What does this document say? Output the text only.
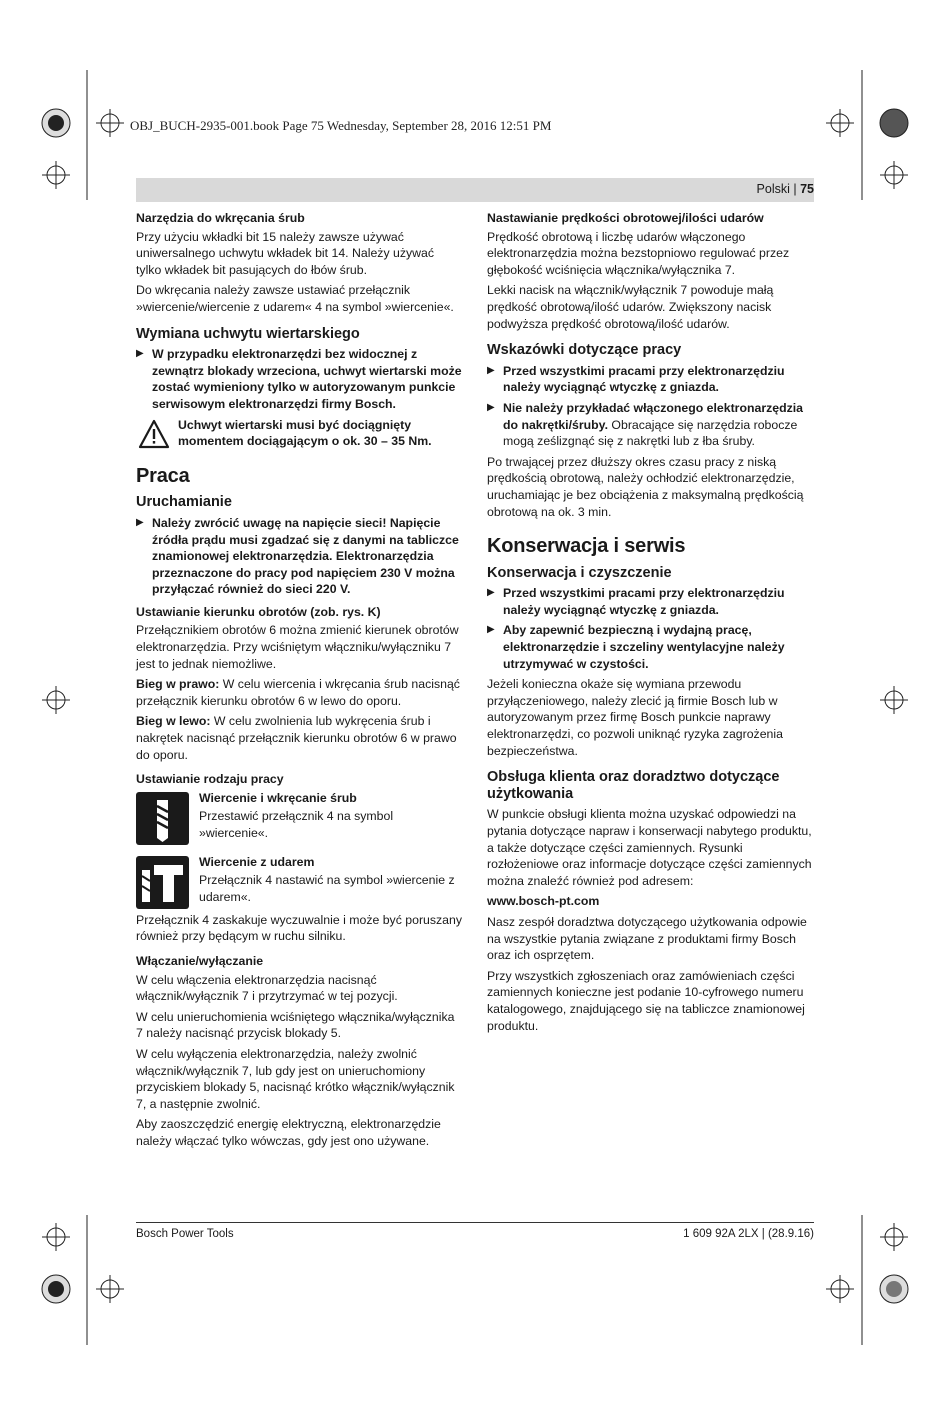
OBJ_BUCH-2935-001.book Page 75 Wednesday, September 28, 2016 12:51 PM
Polski | 75
Narzędzia do wkręcania śrub

Przy użyciu wkładki bit 15 należy zawsze używać uniwersalnego uchwytu wkładek bit 14. Należy używać tylko wkładek bit pasujących do łbów śrub.

Do wkręcania należy zawsze ustawiać przełącznik »wiercenie/wiercenie z udarem« 4 na symbol »wiercenie«.

Wymiana uchwytu wiertarskiego
▶ W przypadku elektronarzędzi bez widocznej z zewnątrz blokady wrzeciona, uchwyt wiertarski może zostać wymieniony tylko w autoryzowanym punkcie serwisowym elektronarzędzi firmy Bosch.
Uchwyt wiertarski musi być dociągnięty momentem dociągającym o ok. 30 – 35 Nm.
Praca
Uruchamianie
▶ Należy zwrócić uwagę na napięcie sieci! Napięcie źródła prądu musi zgadzać się z danymi na tabliczce znamionowej elektronarzędzia. Elektronarzędzia przeznaczone do pracy pod napięciem 230 V można przyłączać również do sieci 220 V.
Ustawianie kierunku obrotów (zob. rys. K)

Przełącznikiem obrotów 6 można zmienić kierunek obrotów elektronarzędzia. Przy wciśniętym włączniku/wyłączniku 7 jest to jednak niemożliwe.

Bieg w prawo: W celu wiercenia i wkręcania śrub nacisnąć przełącznik kierunku obrotów 6 w lewo do oporu.

Bieg w lewo: W celu zwolnienia lub wykręcenia śrub i nakrętek nacisnąć przełącznik kierunku obrotów 6 w prawo do oporu.

Ustawianie rodzaju pracy
Wiercenie i wkręcanie śrub

Przestawić przełącznik 4 na symbol »wiercenie«.

Wiercenie z udarem

Przełącznik 4 nastawić na symbol »wiercenie z udarem«.

Przełącznik 4 zaskakuje wyczuwalnie i może być poruszany również przy będącym w ruchu silniku.

Włączanie/wyłączanie

W celu włączenia elektronarzędzia nacisnąć włącznik/wyłącznik 7 i przytrzymać w tej pozycji.

W celu unieruchomienia wciśniętego włącznika/wyłącznika 7 należy nacisnąć przycisk blokady 5.

W celu wyłączenia elektronarzędzia, należy zwolnić włącznik/wyłącznik 7, lub gdy jest on unieruchomiony przyciskiem blokady 5, nacisnąć krótko włącznik/wyłącznik 7, a następnie zwolnić.

Aby zaoszczędzić energię elektryczną, elektronarzędzie należy włączać tylko wówczas, gdy jest ono używane.

Nastawianie prędkości obrotowej/ilości udarów

Prędkość obrotową i liczbę udarów włączonego elektronarzędzia można bezstopniowo regulować przez głębokość wciśnięcia włącznika/wyłącznika 7.

Lekki nacisk na włącznik/wyłącznik 7 powoduje małą prędkość obrotową/ilość udarów. Zwiększony nacisk podwyższa prędkość obrotową/ilość udarów.

Wskazówki dotyczące pracy
▶ Przed wszystkimi pracami przy elektronarzędziu należy wyciągnąć wtyczkę z gniazda.
▶ Nie należy przykładać włączonego elektronarzędzia do nakrętki/śruby. Obracające się narzędzia robocze mogą ześlizgnąć się z nakrętki lub z łba śruby.

Po trwającej przez dłuższy okres czasu pracy z niską prędkością obrotową, należy ochłodzić elektronarzędzie, uruchamiając je bez obciążenia z maksymalną prędkością obrotową na ok. 3 min.

Konserwacja i serwis
Konserwacja i czyszczenie
▶ Przed wszystkimi pracami przy elektronarzędziu należy wyciągnąć wtyczkę z gniazda.
▶ Aby zapewnić bezpieczną i wydajną pracę, elektronarzędzie i szczeliny wentylacyjne należy utrzymywać w czystości.

Jeżeli konieczna okaże się wymiana przewodu przyłączeniowego, należy zlecić ją firmie Bosch lub w autoryzowanym przez firmę Bosch punkcie naprawy elektronarzędzi, co pozwoli uniknąć ryzyka zagrożenia bezpieczeństwa.

Obsługa klienta oraz doradztwo dotyczące użytkowania

W punkcie obsługi klienta można uzyskać odpowiedzi na pytania dotyczące napraw i konserwacji nabytego produktu, a także dotyczące części zamiennych. Rysunki rozłożeniowe oraz informacje dotyczące części zamiennych można znaleźć również pod adresem:

www.bosch-pt.com

Nasz zespół doradztwa dotyczącego użytkowania odpowie na wszystkie pytania związane z produktami firmy Bosch oraz ich osprzętem.

Przy wszystkich zgłoszeniach oraz zamówieniach części zamiennych konieczne jest podanie 10-cyfrowego numeru katalogowego, znajdującego się na tabliczce znamionowej produktu.

Bosch Power Tools	1 609 92A 2LX | (28.9.16)
